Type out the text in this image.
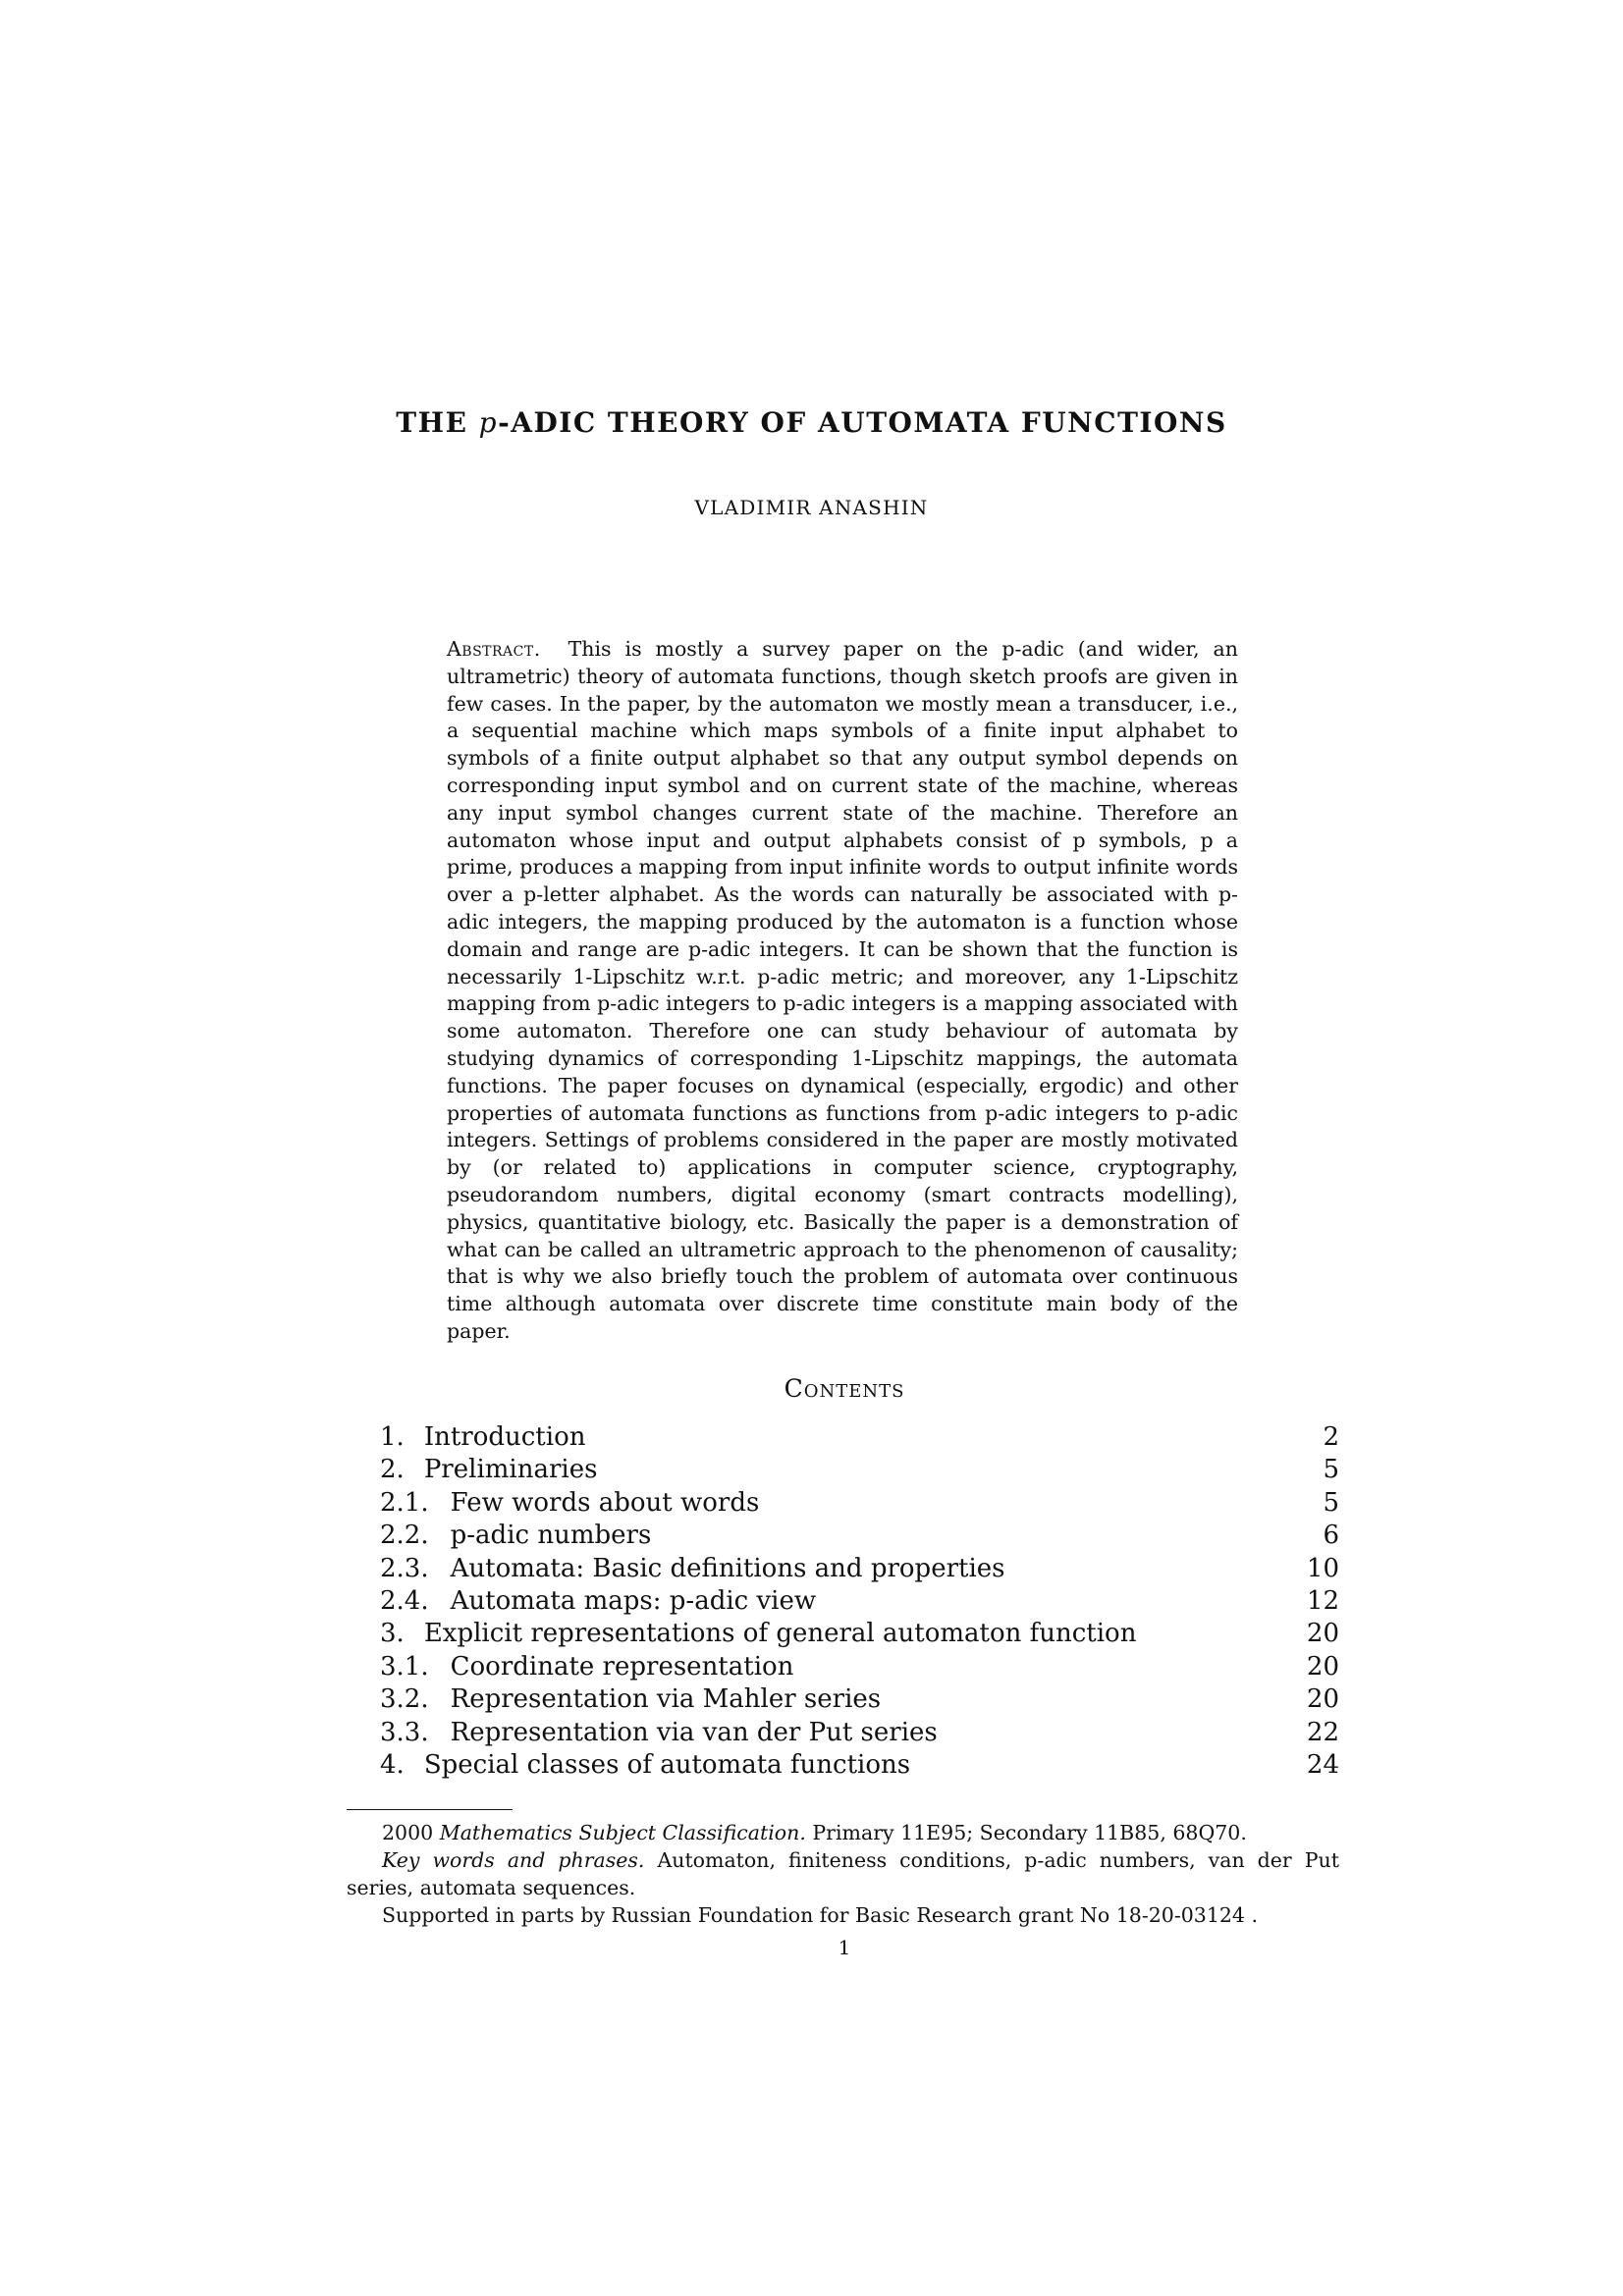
THE p-ADIC THEORY OF AUTOMATA FUNCTIONS
VLADIMIR ANASHIN
Abstract. This is mostly a survey paper on the p-adic (and wider, an ultrametric) theory of automata functions, though sketch proofs are given in few cases. In the paper, by the automaton we mostly mean a transducer, i.e., a sequential machine which maps symbols of a finite input alphabet to symbols of a finite output alphabet so that any output symbol depends on corresponding input symbol and on current state of the machine, whereas any input symbol changes current state of the machine. Therefore an automaton whose input and output alphabets consist of p symbols, p a prime, produces a mapping from input infinite words to output infinite words over a p-letter alphabet. As the words can naturally be associated with p-adic integers, the mapping produced by the automaton is a function whose domain and range are p-adic integers. It can be shown that the function is necessarily 1-Lipschitz w.r.t. p-adic metric; and moreover, any 1-Lipschitz mapping from p-adic integers to p-adic integers is a mapping associated with some automaton. Therefore one can study behaviour of automata by studying dynamics of corresponding 1-Lipschitz mappings, the automata functions. The paper focuses on dynamical (especially, ergodic) and other properties of automata functions as functions from p-adic integers to p-adic integers. Settings of problems considered in the paper are mostly motivated by (or related to) applications in computer science, cryptography, pseudorandom numbers, digital economy (smart contracts modelling), physics, quantitative biology, etc. Basically the paper is a demonstration of what can be called an ultrametric approach to the phenomenon of causality; that is why we also briefly touch the problem of automata over continuous time although automata over discrete time constitute main body of the paper.
Contents
1. Introduction	2
2. Preliminaries	5
2.1. Few words about words	5
2.2. p-adic numbers	6
2.3. Automata: Basic definitions and properties	10
2.4. Automata maps: p-adic view	12
3. Explicit representations of general automaton function	20
3.1. Coordinate representation	20
3.2. Representation via Mahler series	20
3.3. Representation via van der Put series	22
4. Special classes of automata functions	24

2000 Mathematics Subject Classification. Primary 11E95; Secondary 11B85, 68Q70.

Key words and phrases. Automaton, finiteness conditions, p-adic numbers, van der Put series, automata sequences.

Supported in parts by Russian Foundation for Basic Research grant No 18-20-03124 .

1
